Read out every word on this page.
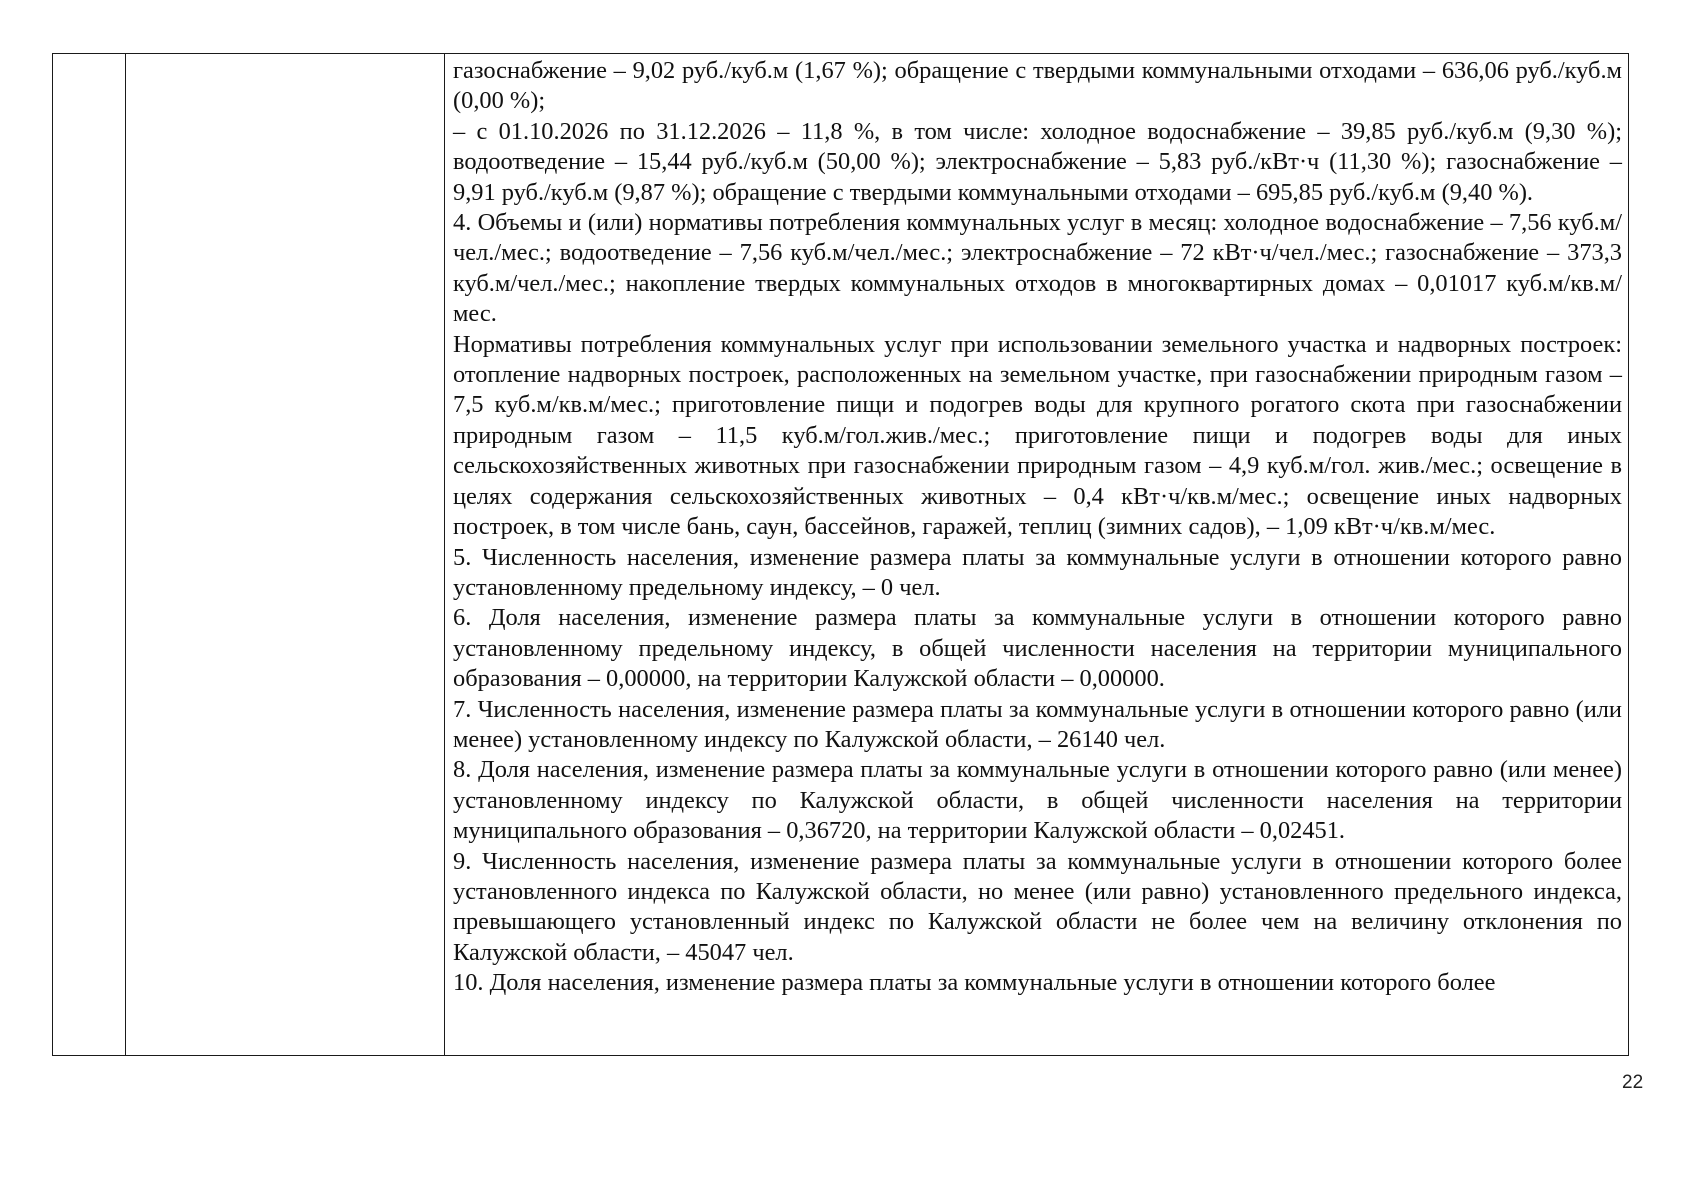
газоснабжение – 9,02 руб./куб.м (1,67 %); обращение с твердыми коммунальными отходами – 636,06 руб./куб.м (0,00 %);

– с 01.10.2026 по 31.12.2026 – 11,8 %, в том числе: холодное водоснабжение – 39,85 руб./куб.м (9,30 %); водоотведение – 15,44 руб./куб.м (50,00 %); электроснабжение – 5,83 руб./кВт·ч (11,30 %); газоснабжение – 9,91 руб./куб.м (9,87 %); обращение с твердыми коммунальными отходами – 695,85 руб./куб.м (9,40 %).

4. Объемы и (или) нормативы потребления коммунальных услуг в месяц: холодное водоснабжение – 7,56 куб.м/чел./мес.; водоотведение – 7,56 куб.м/чел./мес.; электроснабжение – 72 кВт·ч/чел./мес.; газоснабжение – 373,3 куб.м/чел./мес.; накопление твердых коммунальных отходов в многоквартирных домах – 0,01017 куб.м/кв.м/мес.

Нормативы потребления коммунальных услуг при использовании земельного участка и надворных построек: отопление надворных построек, расположенных на земельном участке, при газоснабжении природным газом – 7,5 куб.м/кв.м/мес.; приготовление пищи и подогрев воды для крупного рогатого скота при газоснабжении природным газом – 11,5 куб.м/гол.жив./мес.; приготовление пищи и подогрев воды для иных сельскохозяйственных животных при газоснабжении природным газом – 4,9 куб.м/гол. жив./мес.; освещение в целях содержания сельскохозяйственных животных – 0,4 кВт·ч/кв.м/мес.; освещение иных надворных построек, в том числе бань, саун, бассейнов, гаражей, теплиц (зимних садов), – 1,09 кВт·ч/кв.м/мес.

5. Численность населения, изменение размера платы за коммунальные услуги в отношении которого равно установленному предельному индексу, – 0 чел.

6. Доля населения, изменение размера платы за коммунальные услуги в отношении которого равно установленному предельному индексу, в общей численности населения на территории муниципального образования – 0,00000, на территории Калужской области – 0,00000.

7. Численность населения, изменение размера платы за коммунальные услуги в отношении которого равно (или менее) установленному индексу по Калужской области, – 26140 чел.

8. Доля населения, изменение размера платы за коммунальные услуги в отношении которого равно (или менее) установленному индексу по Калужской области, в общей численности населения на территории муниципального образования – 0,36720, на территории Калужской области – 0,02451.

9. Численность населения, изменение размера платы за коммунальные услуги в отношении которого более установленного индекса по Калужской области, но менее (или равно) установленного предельного индекса, превышающего установленный индекс по Калужской области не более чем на величину отклонения по Калужской области, – 45047 чел.

10. Доля населения, изменение размера платы за коммунальные услуги в отношении которого более

22
